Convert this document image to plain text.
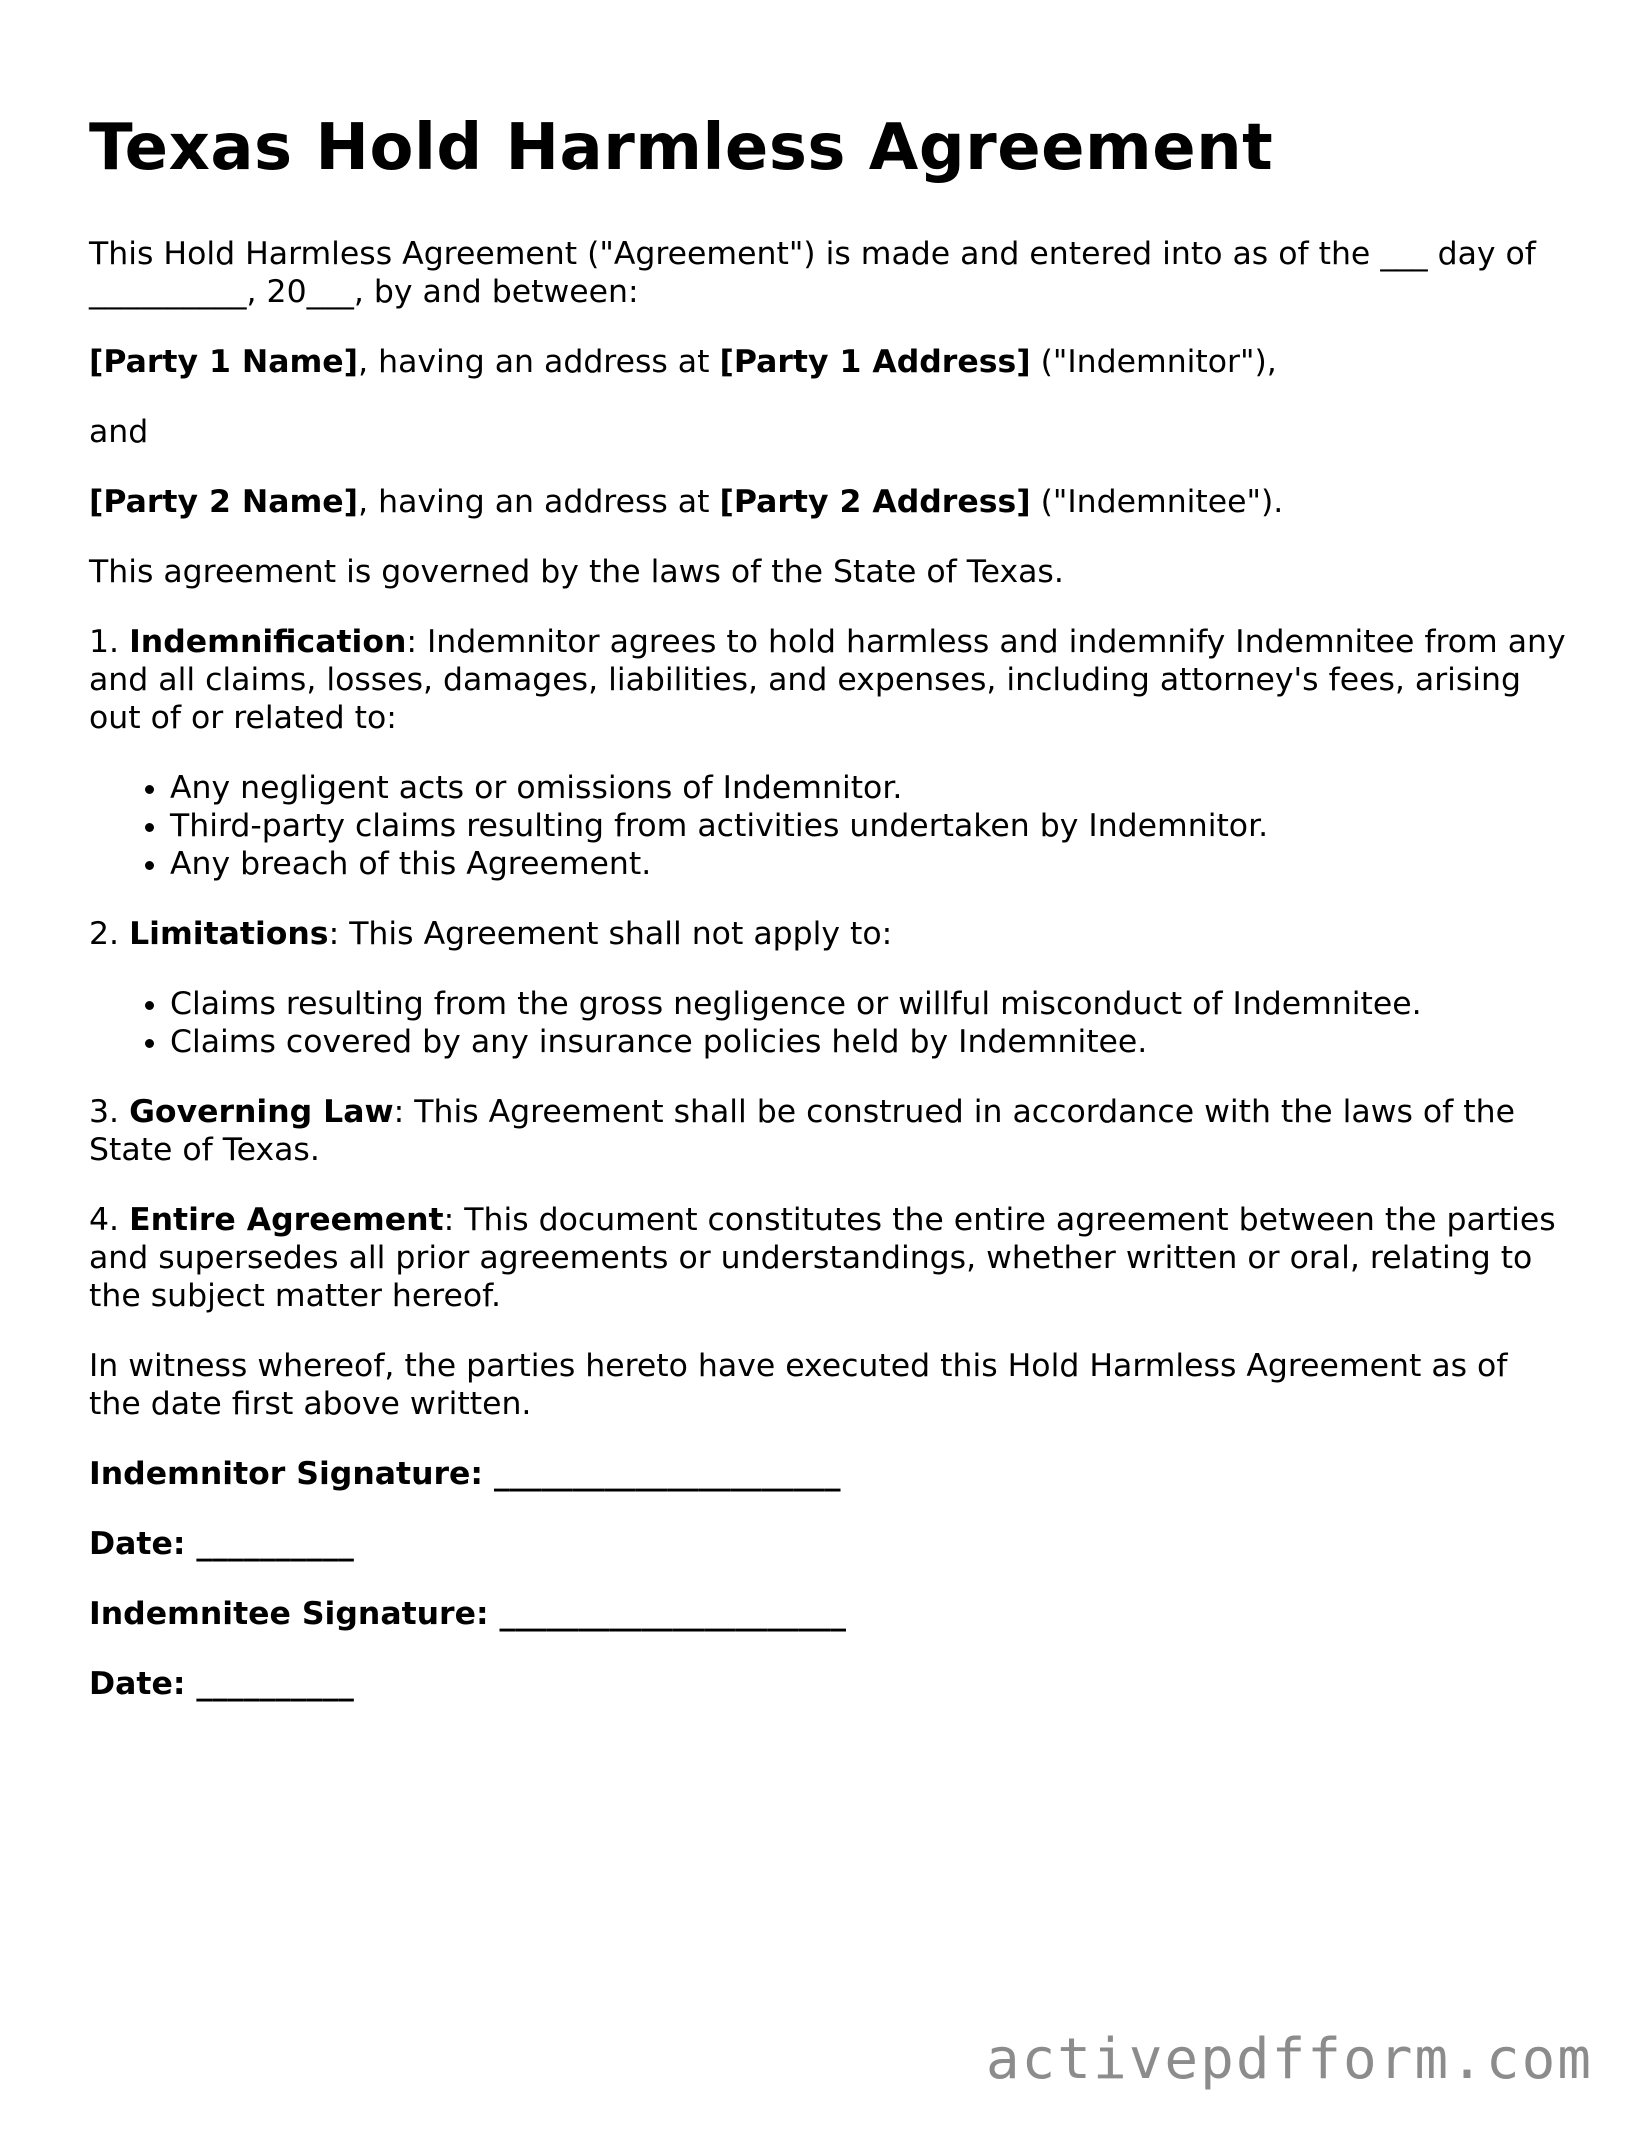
Texas Hold Harmless Agreement

This Hold Harmless Agreement ("Agreement") is made and entered into as of the ___ day of __________, 20___, by and between:

[Party 1 Name], having an address at [Party 1 Address] ("Indemnitor"),

and

[Party 2 Name], having an address at [Party 2 Address] ("Indemnitee").

This agreement is governed by the laws of the State of Texas.

1. Indemnification: Indemnitor agrees to hold harmless and indemnify Indemnitee from any and all claims, losses, damages, liabilities, and expenses, including attorney's fees, arising out of or related to:

• Any negligent acts or omissions of Indemnitor.
• Third-party claims resulting from activities undertaken by Indemnitor.
• Any breach of this Agreement.

2. Limitations: This Agreement shall not apply to:

• Claims resulting from the gross negligence or willful misconduct of Indemnitee.
• Claims covered by any insurance policies held by Indemnitee.

3. Governing Law: This Agreement shall be construed in accordance with the laws of the State of Texas.

4. Entire Agreement: This document constitutes the entire agreement between the parties and supersedes all prior agreements or understandings, whether written or oral, relating to the subject matter hereof.

In witness whereof, the parties hereto have executed this Hold Harmless Agreement as of the date first above written.

Indemnitor Signature: ______________________
Date: __________
Indemnitee Signature: ______________________
Date: __________
activepdfform.com
